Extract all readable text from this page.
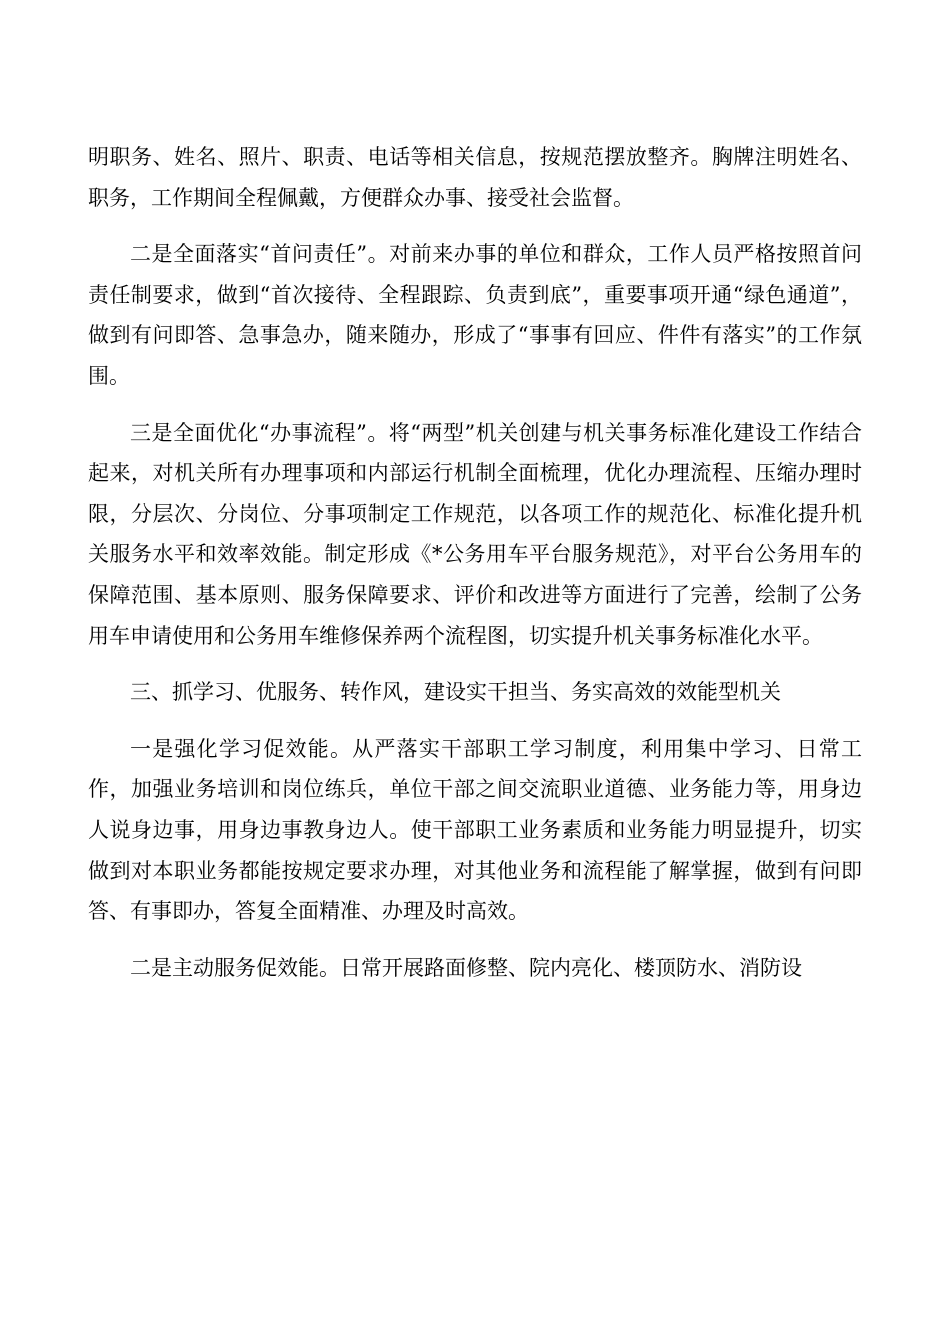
明职务、姓名、照片、职责、电话等相关信息，按规范摆放整齐。胸牌注明姓名、职务，工作期间全程佩戴，方便群众办事、接受社会监督。

二是全面落实“首问责任”。对前来办事的单位和群众，工作人员严格按照首问责任制要求，做到“首次接待、全程跟踪、负责到底”，重要事项开通“绿色通道”，做到有问即答、急事急办，随来随办，形成了“事事有回应、件件有落实”的工作氛围。

三是全面优化“办事流程”。将“两型”机关创建与机关事务标准化建设工作结合起来，对机关所有办理事项和内部运行机制全面梳理，优化办理流程、压缩办理时限，分层次、分岗位、分事项制定工作规范，以各项工作的规范化、标准化提升机关服务水平和效率效能。制定形成《*公务用车平台服务规范》，对平台公务用车的保障范围、基本原则、服务保障要求、评价和改进等方面进行了完善，绘制了公务用车申请使用和公务用车维修保养两个流程图，切实提升机关事务标准化水平。

三、抓学习、优服务、转作风，建设实干担当、务实高效的效能型机关

一是强化学习促效能。从严落实干部职工学习制度，利用集中学习、日常工作，加强业务培训和岗位练兵，单位干部之间交流职业道德、业务能力等，用身边人说身边事，用身边事教身边人。使干部职工业务素质和业务能力明显提升，切实做到对本职业务都能按规定要求办理，对其他业务和流程能了解掌握，做到有问即答、有事即办，答复全面精准、办理及时高效。

二是主动服务促效能。日常开展路面修整、院内亮化、楼顶防水、消防设
